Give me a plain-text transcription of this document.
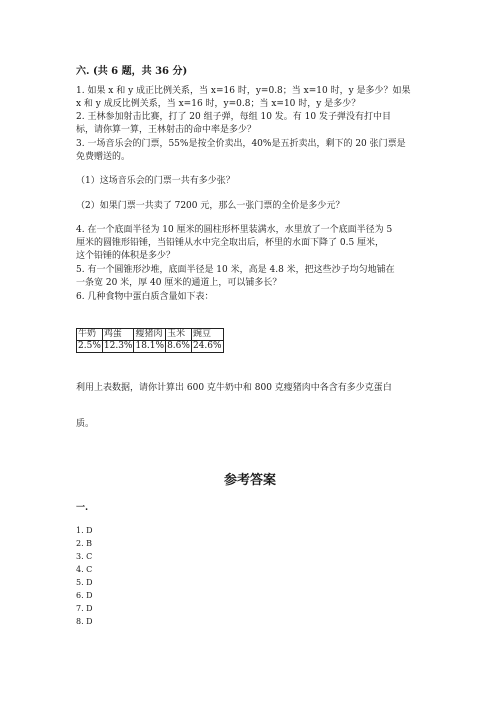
六. (共 6 题，共 36 分)
1. 如果 x 和 y 成正比例关系，当 x=16 时，y=0.8；当 x=10 时，y 是多少？如果
x 和 y 成反比例关系，当 x=16 时，y=0.8；当 x=10 时，y 是多少？
2. 王林参加射击比赛，打了 20 组子弹，每组 10 发。有 10 发子弹没有打中目
标，请你算一算，王林射击的命中率是多少？
3. 一场音乐会的门票，55%是按全价卖出，40%是五折卖出，剩下的 20 张门票是
免费赠送的。
（1）这场音乐会的门票一共有多少张？
（2）如果门票一共卖了 7200 元，那么一张门票的全价是多少元？
4. 在一个底面半径为 10 厘米的圆柱形杯里装满水，水里放了一个底面半径为 5
厘米的圆锥形铅锤，当铅锤从水中完全取出后，杯里的水面下降了 0.5 厘米，
这个铅锤的体积是多少？
5. 有一个圆锥形沙堆，底面半径是 10 米，高是 4.8 米，把这些沙子均匀地铺在
一条宽 20 米，厚 40 厘米的通道上，可以铺多长？
6. 几种食物中蛋白质含量如下表：
牛奶	鸡蛋	瘦猪肉	玉米	豌豆
2.5%	12.3%	18.1%	8.6%	24.6%
利用上表数据，请你计算出 600 克牛奶中和 800 克瘦猪肉中各含有多少克蛋白
质。
参考答案
一.
1. D
2. B
3. C
4. C
5. D
6. D
7. D
8. D
